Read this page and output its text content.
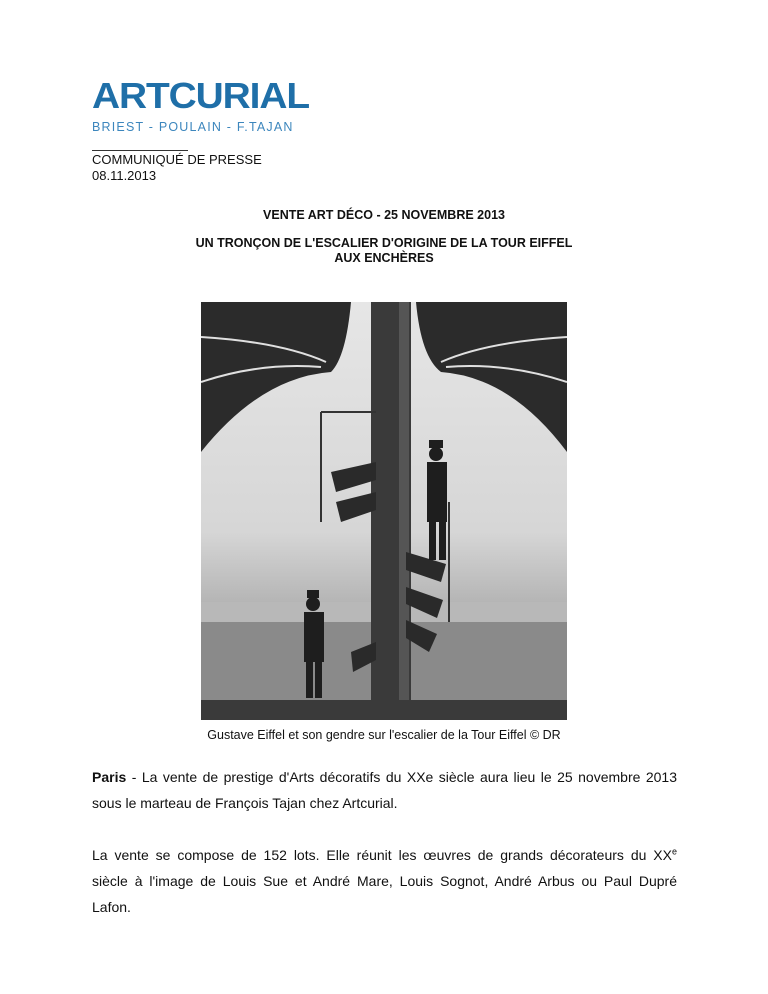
ARTCURIAL
BRIEST - POULAIN - F.TAJAN
COMMUNIQUÉ DE PRESSE
08.11.2013
VENTE ART DÉCO - 25 NOVEMBRE 2013
UN TRONÇON DE L'ESCALIER D'ORIGINE DE LA TOUR EIFFEL
AUX ENCHÈRES
Gustave Eiffel et son gendre sur l'escalier de la Tour Eiffel © DR

Paris - La vente de prestige d'Arts décoratifs du XXe siècle aura lieu le 25 novembre 2013

sous le marteau de François Tajan chez Artcurial.

La vente se compose de 152 lots. Elle réunit les œuvres de grands décorateurs du XXe

siècle à l'image de Louis Sue et André Mare, Louis Sognot, André Arbus ou Paul Dupré

Lafon.
